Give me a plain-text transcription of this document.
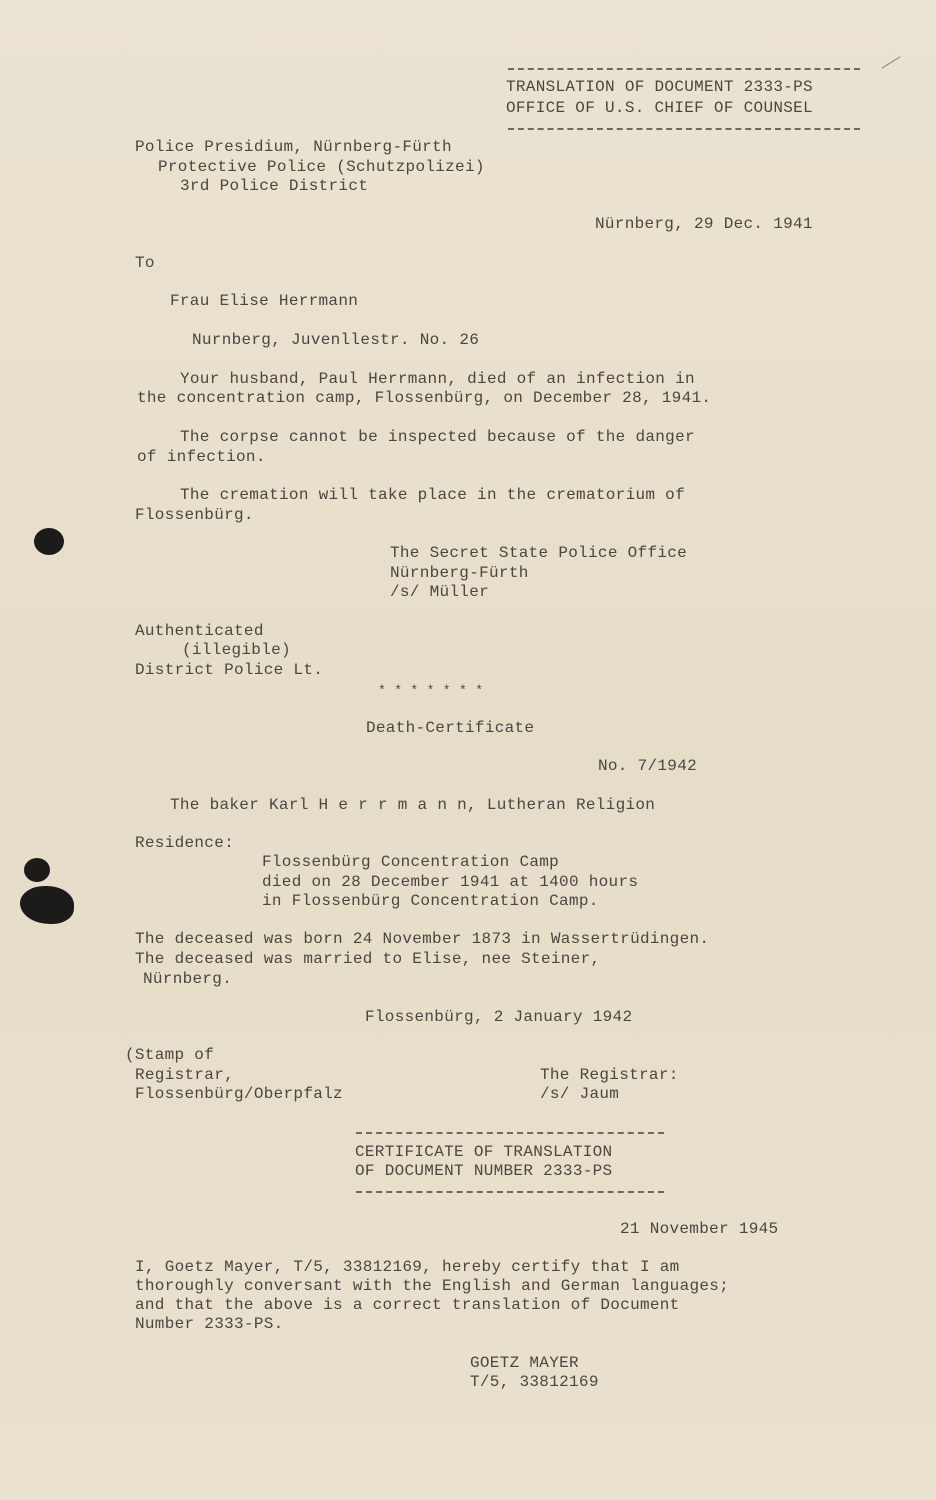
TRANSLATION OF DOCUMENT 2333-PS
OFFICE OF U.S. CHIEF OF COUNSEL
Police Presidium, Nürnberg-Fürth
Protective Police (Schutzpolizei)
3rd Police District
Nürnberg, 29 Dec. 1941
To
Frau Elise Herrmann
Nurnberg, Juvenllestr. No. 26
Your husband, Paul Herrmann, died of an infection in
the concentration camp, Flossenbürg, on December 28, 1941.
The corpse cannot be inspected because of the danger
of infection.
The cremation will take place in the crematorium of
Flossenbürg.
The Secret State Police Office
Nürnberg-Fürth
/s/ Müller
Authenticated
(illegible)
District Police Lt.
* * * * * * *
Death-Certificate
No. 7/1942
The baker Karl H e r r m a n n, Lutheran Religion
Residence:
Flossenbürg Concentration Camp
died on 28 December 1941 at 1400 hours
in Flossenbürg Concentration Camp.
The deceased was born 24 November 1873 in Wassertrüdingen.
The deceased was married to Elise, nee Steiner,
Nürnberg.
Flossenbürg, 2 January 1942
(Stamp of
Registrar,
Flossenbürg/Oberpfalz
The Registrar:
/s/ Jaum
CERTIFICATE OF TRANSLATION
OF DOCUMENT NUMBER 2333-PS
21 November 1945
I, Goetz Mayer, T/5, 33812169, hereby certify that I am
thoroughly conversant with the English and German languages;
and that the above is a correct translation of Document
Number 2333-PS.
GOETZ MAYER
T/5, 33812169
